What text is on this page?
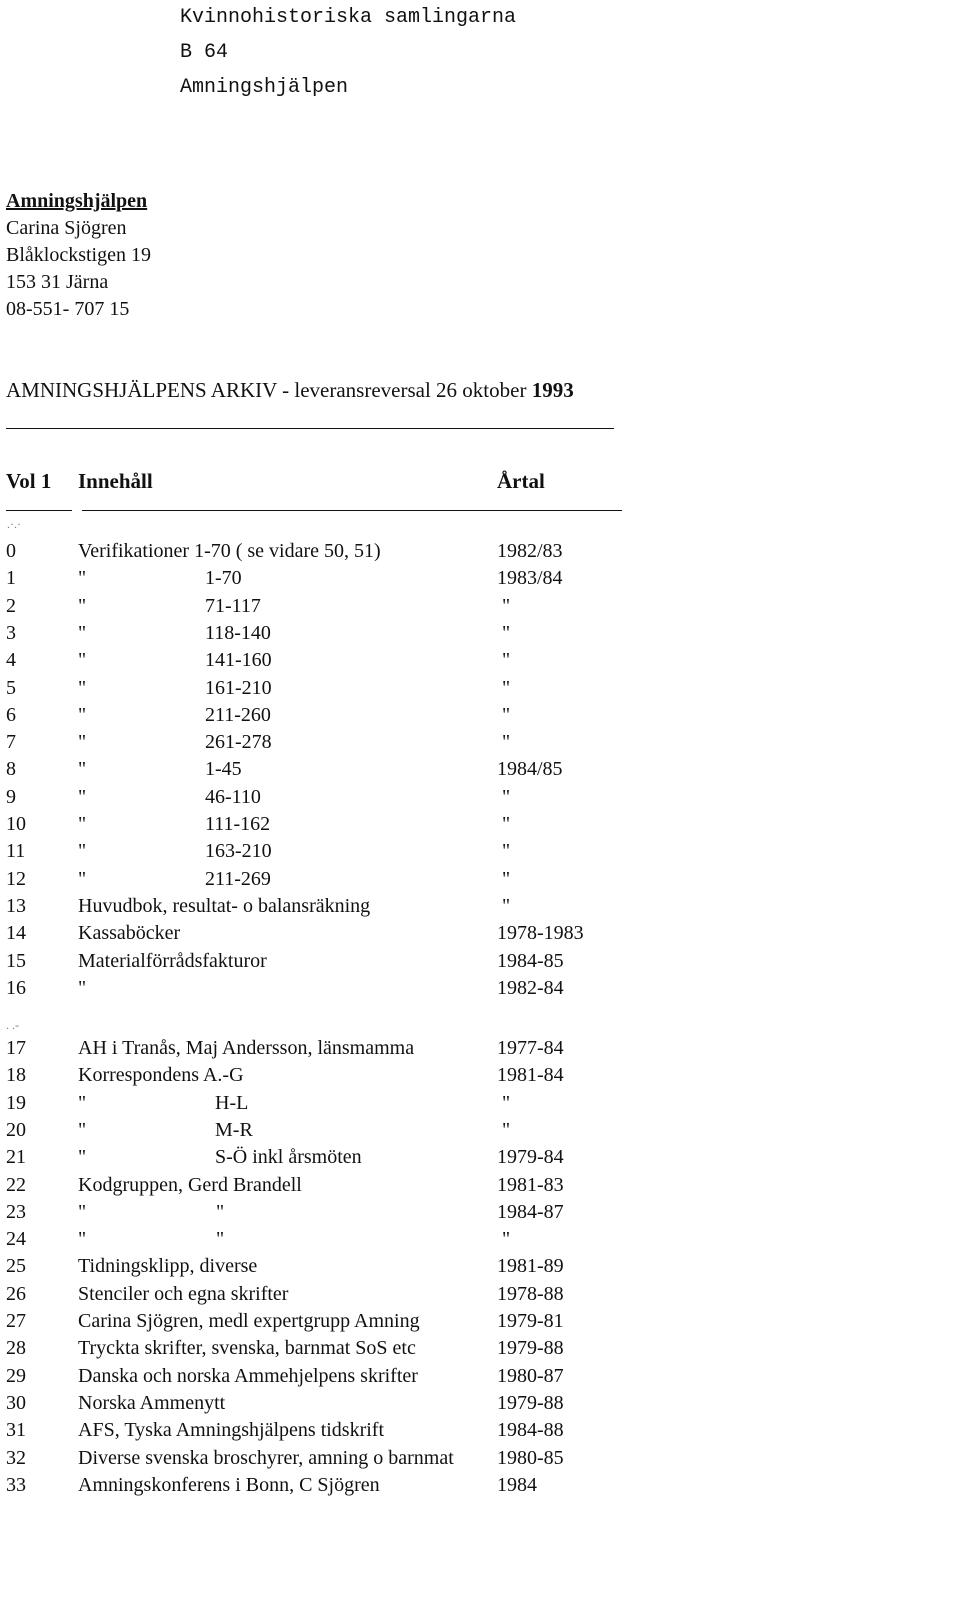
Kvinnohistoriska samlingarna
B 64
Amningshjälpen
Amningshjälpen
Carina Sjögren
Blåklockstigen 19
153 31 Järna
08-551- 707 15
AMNINGSHJÄLPENS ARKIV - leveransreversal 26 oktober 1993
Vol 1 Innehåll	Årtal
.·.·
. .-
0	Verifikationer 1-70 ( se vidare 50, 51)	1982/83
1	"	1-70	1983/84
2	"	71-117	"
3	"	118-140	"
4	"	141-160	"
5	"	161-210	"
6	"	211-260	"
7	"	261-278	"
8	"	1-45	1984/85
9	"	46-110	"
10	"	111-162	"
11	"	163-210	"
12	"	211-269	"
13	Huvudbok, resultat- o balansräkning	"
14	Kassaböcker	1978-1983
15	Materialförrådsfakturor	1984-85
16	"	1982-84
17	AH i Tranås, Maj Andersson, länsmamma	1977-84
18	Korrespondens A.-G	1981-84
19	"	H-L	"
20	"	M-R	"
21	"	S-Ö inkl årsmöten	1979-84
22	Kodgruppen, Gerd Brandell	1981-83
23	"	"	1984-87
24	"	"	"
25	Tidningsklipp, diverse	1981-89
26	Stenciler och egna skrifter	1978-88
27	Carina Sjögren, medl expertgrupp Amning	1979-81
28	Tryckta skrifter, svenska, barnmat SoS etc	1979-88
29	Danska och norska Ammehjelpens skrifter	1980-87
30	Norska Ammenytt	1979-88
31	AFS, Tyska Amningshjälpens tidskrift	1984-88
32	Diverse svenska broschyrer, amning o barnmat 1980-85
33	Amningskonferens i Bonn, C Sjögren	1984
